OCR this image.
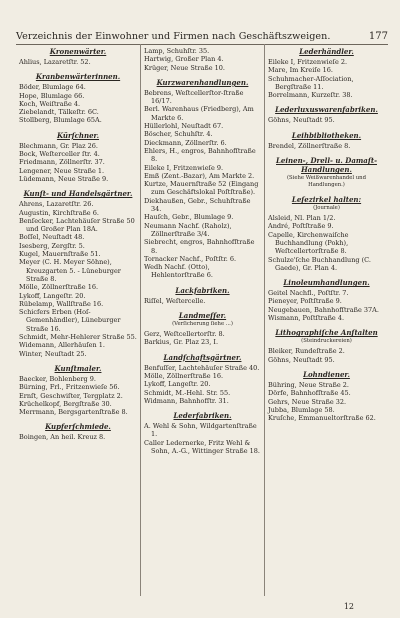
Verzeichnis der Einwohner und Firmen nach Geschäftszweigen.	177
Kronenwärter.

Ahlius, Lazaretſtr. 52.

Kranbenwärterinnen.

Böder, Blumlage 64.

Hope, Blumlage 66.

Koch, Weiſtraße 4.

Ziebelandt, Tälkeſtr. 6C.

Stollberg, Blumlage 65A.

Kürſchner.

Blechmann, Gr. Plaz 26.

Bock, Weſterceller ſtr. 4.

Friedmann, Zöllnerſtr. 37.

Lengener, Neue Straße 1.

Lüdemann, Neue Straße 9.

Kunſt- und Handelsgärtner.

Ahrens, Lazaretſtr. 26.

Augustin, Kirchſtraße 6.

Benſecker, Lachtehäuſer Straße 50 und Großer Plan 18A.

Boſſel, Neuſtadt 48.

Isesberg, Zergſtr. 5.

Kugel, Mauernſtraße 51.

Meyer (C. H. Meyer Söhne), Kreuzgarten 5. - Lüneburger Straße 8.

Mölle, Zöllnerſtraße 16.

Lykoff, Langeſtr. 20.

Rübelamp, Wallſtraße 16.

Schicfers Erben (Hoſ-Gemenhändler), Lüneburger Straße 16.

Schmidt, Mehr-Hehlerer Straße 55.

Widemann, Allerhäuſen 1.

Winter, Neuſtadt 25.

Kunſtmaler.

Baecker, Bohlenberg 9.

Bürning, Frl., Fritzenwieſe 56.

Ernſt, Geschwiſter, Tergplatz 2.

Krüchelkopf, Bergſtraße 30.

Merrmann, Bergsgartenſtraße 8.

Kupferſchmiede.

Boingen, An heil. Kreuz 8.

Lamp, Schuhſtr. 35.

Hartwig, Großer Plan 4.

Krüger, Neue Straße 10.

Kurzwarenhandlungen.

Bebrens, Weſtcellerſtor-ſtraße 16/17.

Berl. Warenhaus (Friedberg), Am Markte 6.

Hüllerlohl, Neuſtadt 67.

Böscher, Schuhſtr. 4.

Dieckmann, Zöllnerſtr. 6.

Ehlers, H., engros, Bahnhofſtraße 8.

Eileke I, Fritzenwieſe 9.

Emß (Zent.-Bazar), Am Markte 2.

Kurtze, Mauernſtraße 52 (Eingang zum Geschäftslokal Poſtſtraße).

Diekhaußen, Gebr., Schuhſtraße 34.

Hauſch, Gebr., Blumlage 9.

Neumann Nachf. (Raholz), Zöllnerſtraße 3/4.

Siebrecht, engros, Bahnhofſtraße 8.

Tornacker Nachf., Poſtſtr. 6.

Wedh Nachf. (Otto), Hehlentorſtraße 6.

Lackfabriken.

Riſſel, Weſtercelle.

Landmeſſer.
(Verſicherung ſiehe ...)

Gerz, Weſtcellertorſtr. 8.

Barkius, Gr. Plaz 23, I.

Landſchaftsgärtner.

Benfuſſer, Lachtehäuſer Straße 40.

Mölle, Zöllnerſtraße 16.

Lykoff, Langeſtr. 20.

Schmidt, M.-Hehl. Str. 55.

Widmann, Bahnhofſtr. 31.

Lederfabriken.

A. Wehl & Sohn, Wildgartenſtraße 1.

Caller Ledernerke, Fritz Wehl & Sohn, A.-G., Wittinger Straße 18.

Lederhändler.

Eileke I, Fritzenwieſe 2.

Mare, Im Kreiſe 16.

Schuhmacher-Aſſociation, Bergſtraße 11.

Borrelmann, Kurzeſtr. 38.

Lederluxuswarenfabriken.

Göhns, Neuſtadt 95.

Leihbibliotheken.

Brendel, Zöllnerſtraße 8.

Leinen-, Drell- u. Damaſt-Handlungen.
(Siehe Weißwarenhandel und Handlungen.)
Leſezirkel halten:
(Journale)

Alsleid, Nl. Plan 1/2.

André, Poſtſtraße 9.

Capelle, Kirchenwaiſche Buchhandlung (Pokh), Weſtcellertorſtraße 8.

Schulze'ſche Buchhandlung (C. Gaede), Gr. Plan 4.

Linoleumhandlungen.

Geitel Nachfl., Poſtſtr. 7.

Pieneyer, Poſtſtraße 9.

Neugebauen, Bahnhofſtraße 37A.

Wismann, Poſtſtraße 4.

Lithographiſche Anſtalten
(Steindruckereien)

Bleiker, Rundeſtraße 2.

Göhns, Neuſtadt 95.

Lohndiener.

Bühring, Neue Straße 2.

Dörfe, Bahnhofſtraße 45.

Gehrs, Neue Straße 32.

Jubba, Blumlage 58.

Kruſche, Emmanueltorſtraße 62.

12
